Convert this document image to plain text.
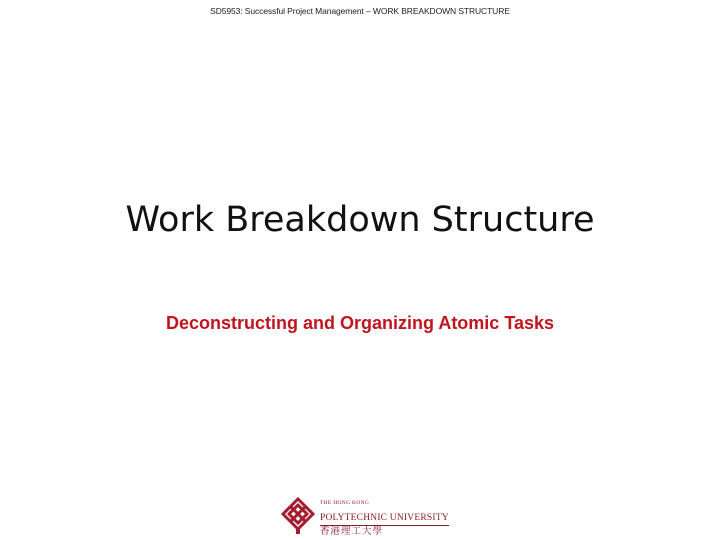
SD5953: Successful Project Management – WORK BREAKDOWN STRUCTURE
Work Breakdown Structure
Deconstructing and Organizing Atomic Tasks
THE HONG KONG
POLYTECHNIC UNIVERSITY
香港理工大學
